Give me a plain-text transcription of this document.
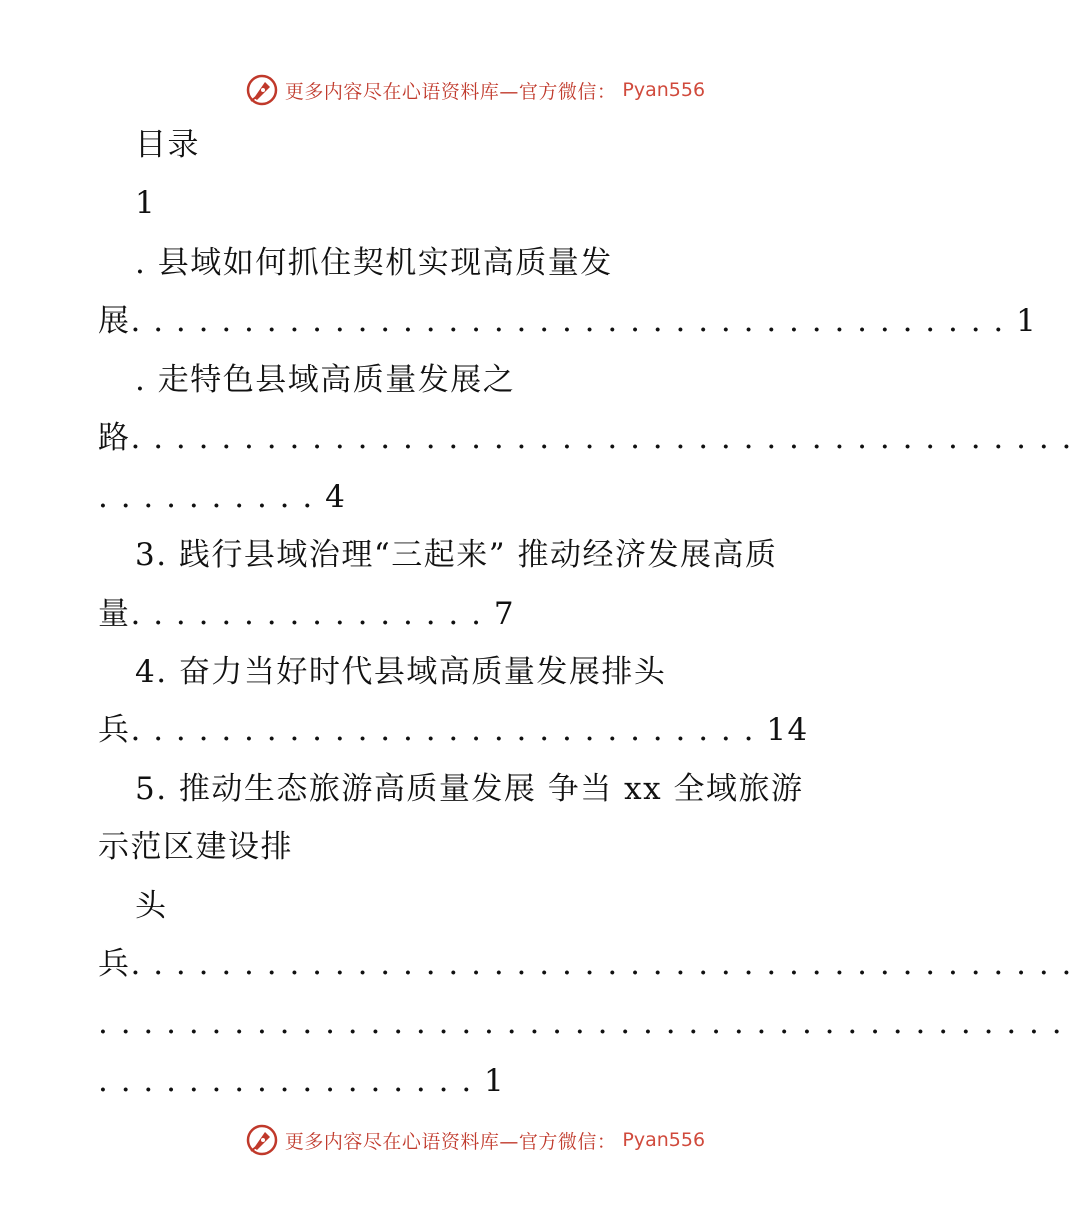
更多内容尽在心语资料库—官方微信： Pyan556
目录
1
. 县域如何抓住契机实现高质量发
展. . . . . . . . . . . . . . . . . . . . . . . . . . . . . . . . . . . . . . . 1
. 走特色县域高质量发展之
路. . . . . . . . . . . . . . . . . . . . . . . . . . . . . . . . . . . . . . . . . .
. . . . . . . . . . 4
3. 践行县域治理“三起来” 推动经济发展高质
量. . . . . . . . . . . . . . . . 7
4. 奋力当好时代县域高质量发展排头
兵. . . . . . . . . . . . . . . . . . . . . . . . . . . . 14
5. 推动生态旅游高质量发展 争当 xx 全域旅游
示范区建设排
头
兵. . . . . . . . . . . . . . . . . . . . . . . . . . . . . . . . . . . . . . . . . .
. . . . . . . . . . . . . . . . . . . . . . . . . . . . . . . . . . . . . . . . . . .
. . . . . . . . . . . . . . . . . 1
更多内容尽在心语资料库—官方微信： Pyan556
